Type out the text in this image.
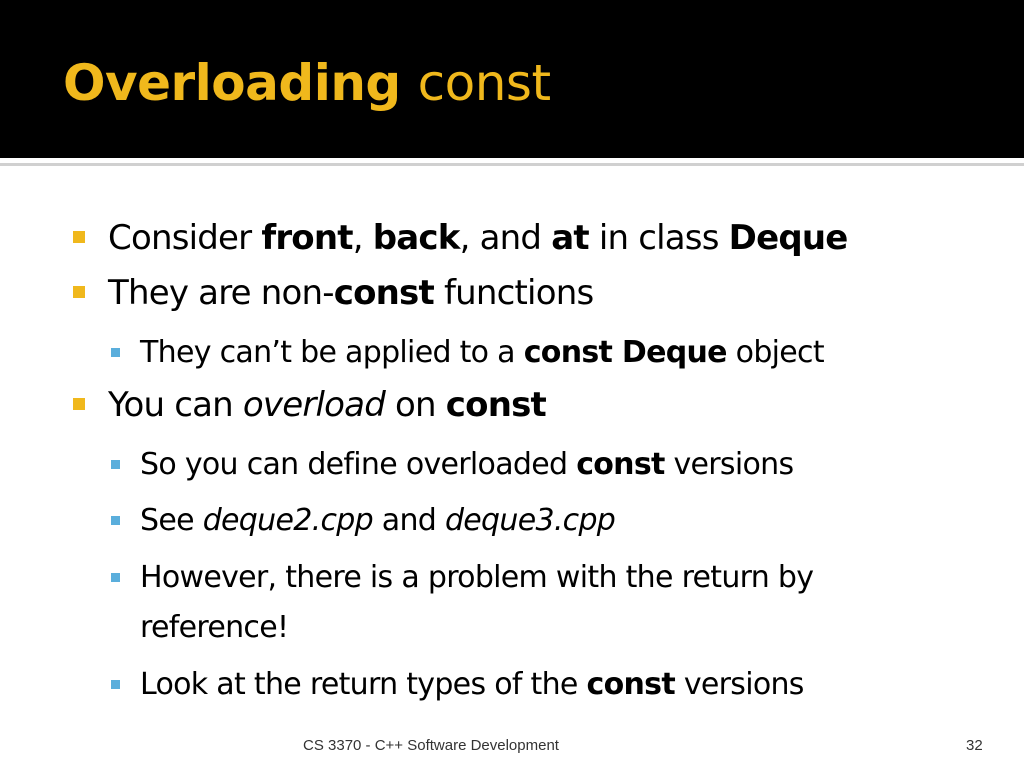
Overloading const
Consider front, back, and at in class Deque
They are non-const functions
They can’t be applied to a const Deque object
You can overload on const
So you can define overloaded const versions
See deque2.cpp and deque3.cpp
However, there is a problem with the return by
reference!
Look at the return types of the const versions
CS 3370 - C++ Software Development	32
